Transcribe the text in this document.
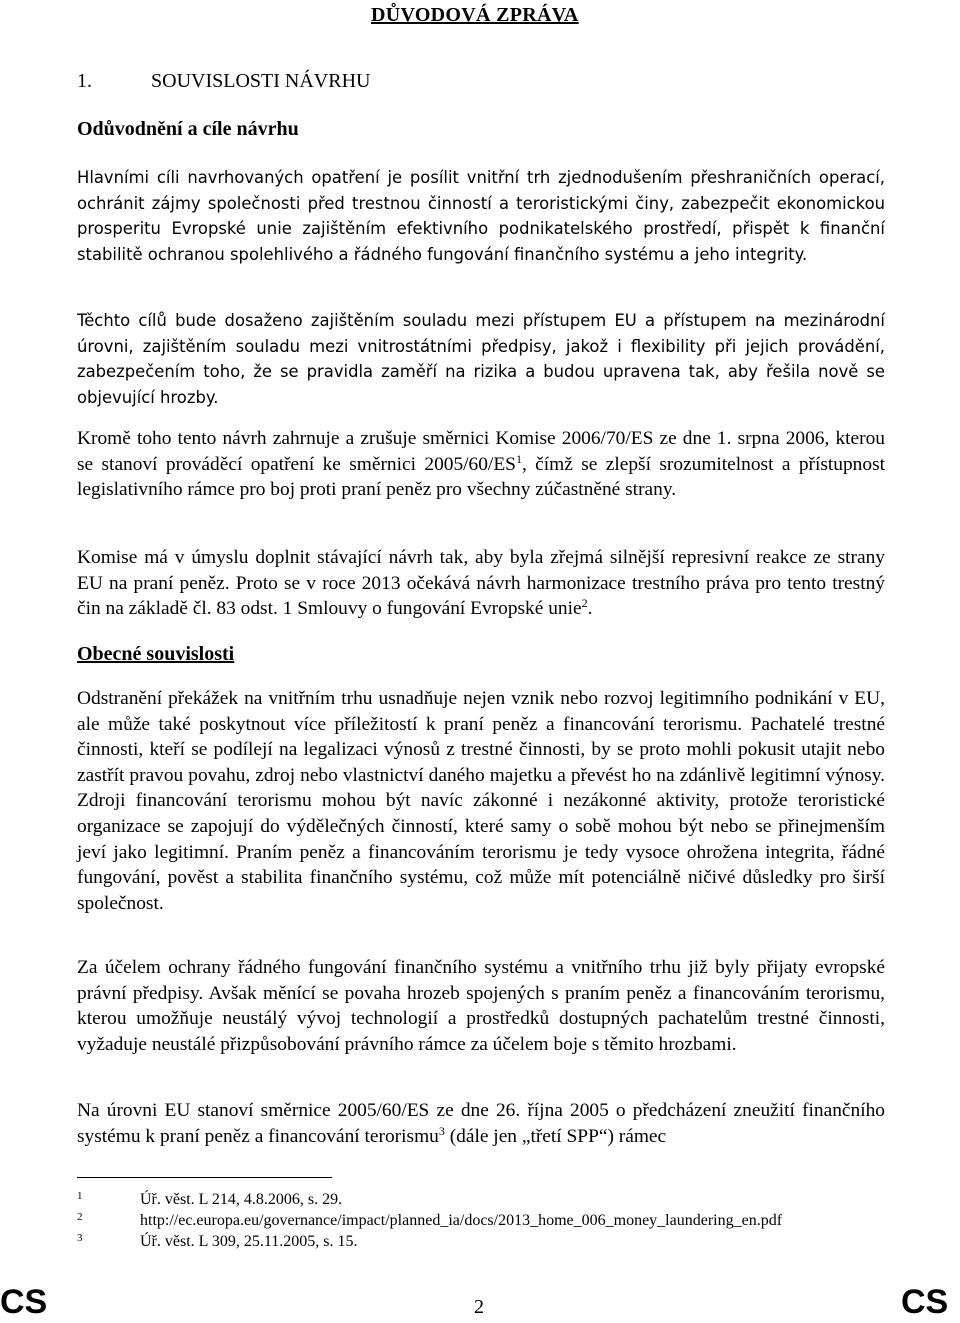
DŮVODOVÁ ZPRÁVA
1.	SOUVISLOSTI NÁVRHU
Odůvodnění a cíle návrhu
Hlavními cíli navrhovaných opatření je posílit vnitřní trh zjednodušením přeshraničních operací, ochránit zájmy společnosti před trestnou činností a teroristickými činy, zabezpečit ekonomickou prosperitu Evropské unie zajištěním efektivního podnikatelského prostředí, přispět k finanční stabilitě ochranou spolehlivého a řádného fungování finančního systému a jeho integrity.
Těchto cílů bude dosaženo zajištěním souladu mezi přístupem EU a přístupem na mezinárodní úrovni, zajištěním souladu mezi vnitrostátními předpisy, jakož i flexibility při jejich provádění, zabezpečením toho, že se pravidla zaměří na rizika a budou upravena tak, aby řešila nově se objevující hrozby.
Kromě toho tento návrh zahrnuje a zrušuje směrnici Komise 2006/70/ES ze dne 1. srpna 2006, kterou se stanoví prováděcí opatření ke směrnici $2005/60/ES^1$, čímž se zlepší srozumitelnost a přístupnost legislativního rámce pro boj proti praní peněz pro všechny zúčastněné strany.
Komise má v úmyslu doplnit stávající návrh tak, aby byla zřejmá silnější represivní reakce ze strany EU na praní peněz. Proto se v roce 2013 očekává návrh harmonizace trestního práva pro tento trestný čin na základě čl. 83 odst. 1 Smlouvy o fungování Evropské unie$^2$.
Obecné souvislosti
Odstranění překážek na vnitřním trhu usnadňuje nejen vznik nebo rozvoj legitimního podnikání v EU, ale může také poskytnout více příležitostí k praní peněz a financování terorismu. Pachatelé trestné činnosti, kteří se podílejí na legalizaci výnosů z trestné činnosti, by se proto mohli pokusit utajit nebo zastřít pravou povahu, zdroj nebo vlastnictví daného majetku a převést ho na zdánlivě legitimní výnosy. Zdroji financování terorismu mohou být navíc zákonné i nezákonné aktivity, protože teroristické organizace se zapojují do výdělečných činností, které samy o sobě mohou být nebo se přinejmenším jeví jako legitimní. Praním peněz a financováním terorismu je tedy vysoce ohrožena integrita, řádné fungování, pověst a stabilita finančního systému, což může mít potenciálně ničivé důsledky pro širší společnost.
Za účelem ochrany řádného fungování finančního systému a vnitřního trhu již byly přijaty evropské právní předpisy. Avšak měnící se povaha hrozeb spojených s praním peněz a financováním terorismu, kterou umožňuje neustálý vývoj technologií a prostředků dostupných pachatelům trestné činnosti, vyžaduje neustálé přizpůsobování právního rámce za účelem boje s těmito hrozbami.
Na úrovni EU stanoví směrnice 2005/60/ES ze dne 26. října 2005 o předcházení zneužití finančního systému k praní peněz a financování terorismu$^3$ (dále jen „třetí SPP“) rámec
1	Úř. věst. L 214, 4.8.2006, s. 29.
2	http://ec.europa.eu/governance/impact/planned_ia/docs/2013_home_006_money_laundering_en.pdf
3	Úř. věst. L 309, 25.11.2005, s. 15.
CS	2	CS
